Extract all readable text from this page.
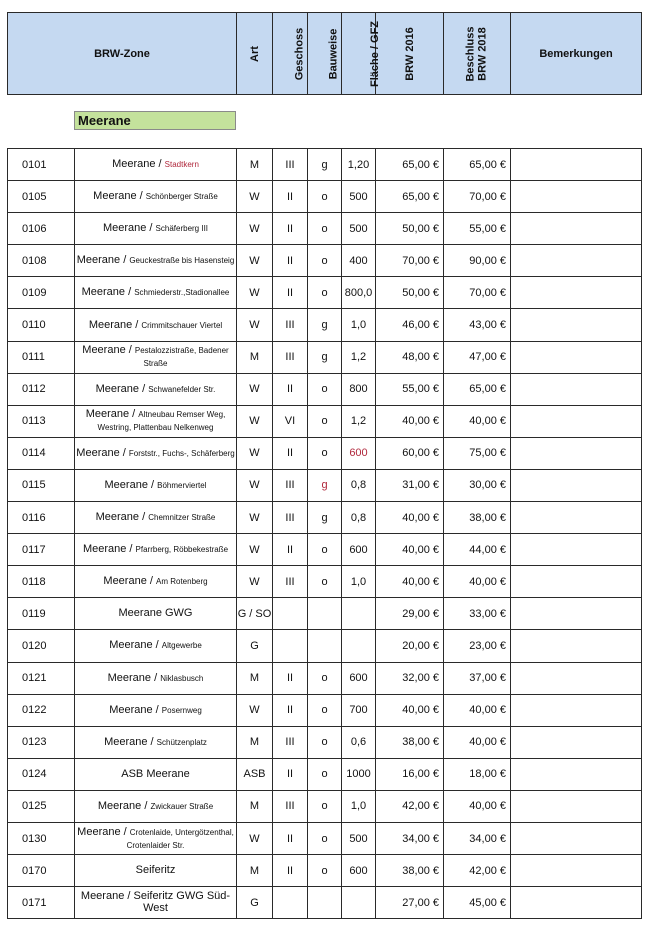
BRW-Zone	Art	Geschoss	Bauweise	Fläche / GFZ	BRW 2016	Beschluss
BRW 2018	Bemerkungen
Meerane
0101	Meerane / Stadtkern	M	III	g	1,20	65,00 €	65,00 €	
0105	Meerane / Schönberger Straße	W	II	o	500	65,00 €	70,00 €	
0106	Meerane / Schäferberg III	W	II	o	500	50,00 €	55,00 €	
0108	Meerane / Geuckestraße bis Hasensteig	W	II	o	400	70,00 €	90,00 €	
0109	Meerane / Schmiederstr.,Stadionallee	W	II	o	800,0	50,00 €	70,00 €	
0110	Meerane / Crimmitschauer Viertel	W	III	g	1,0	46,00 €	43,00 €	
0111	Meerane / Pestalozzistraße, Badener Straße	M	III	g	1,2	48,00 €	47,00 €	
0112	Meerane / Schwanefelder Str.	W	II	o	800	55,00 €	65,00 €	
0113	Meerane / Altneubau Remser Weg, Westring, Plattenbau Nelkenweg	W	VI	o	1,2	40,00 €	40,00 €	
0114	Meerane / Forststr., Fuchs-, Schäferberg	W	II	o	600	60,00 €	75,00 €	
0115	Meerane / Böhmerviertel	W	III	g	0,8	31,00 €	30,00 €	
0116	Meerane / Chemnitzer Straße	W	III	g	0,8	40,00 €	38,00 €	
0117	Meerane / Pfarrberg, Röbbekestraße	W	II	o	600	40,00 €	44,00 €	
0118	Meerane / Am Rotenberg	W	III	o	1,0	40,00 €	40,00 €	
0119	Meerane GWG	G / SO				29,00 €	33,00 €	
0120	Meerane / Altgewerbe	G				20,00 €	23,00 €	
0121	Meerane / Niklasbusch	M	II	o	600	32,00 €	37,00 €	
0122	Meerane / Posernweg	W	II	o	700	40,00 €	40,00 €	
0123	Meerane / Schützenplatz	M	III	o	0,6	38,00 €	40,00 €	
0124	ASB Meerane	ASB	II	o	1000	16,00 €	18,00 €	
0125	Meerane / Zwickauer Straße	M	III	o	1,0	42,00 €	40,00 €	
0130	Meerane / Crotenlaide, Untergötzenthal, Crotenlaider Str.	W	II	o	500	34,00 €	34,00 €	
0170	Seiferitz	M	II	o	600	38,00 €	42,00 €	
0171	Meerane / Seiferitz GWG Süd-West	G				27,00 €	45,00 €	
